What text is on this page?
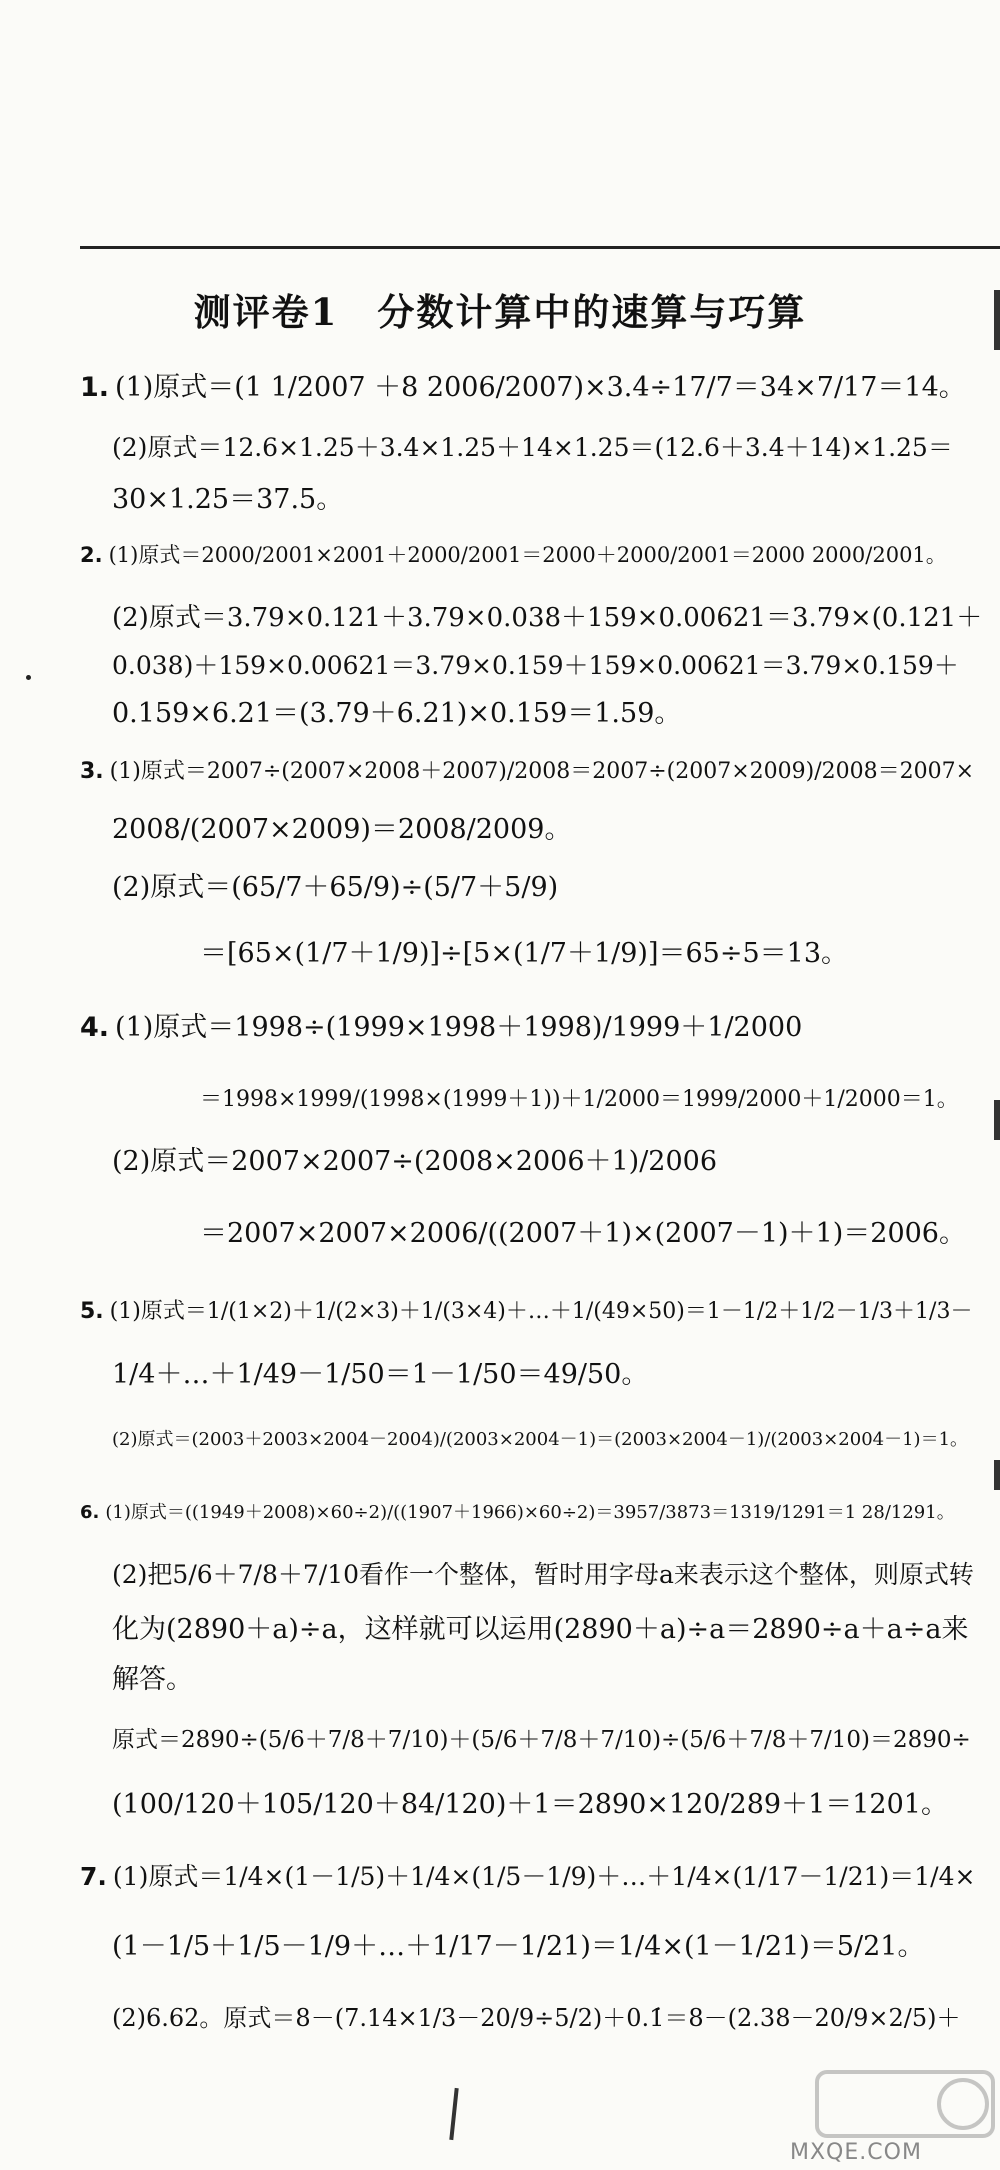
测评卷1　分数计算中的速算与巧算
1. (1)原式＝(1 1/2007 ＋8 2006/2007)×3.4÷17/7＝34×7/17＝14。
(2)原式＝12.6×1.25＋3.4×1.25＋14×1.25＝(12.6＋3.4＋14)×1.25＝
30×1.25＝37.5。
2. (1)原式＝2000/2001×2001＋2000/2001＝2000＋2000/2001＝2000 2000/2001。
(2)原式＝3.79×0.121＋3.79×0.038＋159×0.00621＝3.79×(0.121＋
0.038)＋159×0.00621＝3.79×0.159＋159×0.00621＝3.79×0.159＋
0.159×6.21＝(3.79＋6.21)×0.159＝1.59。
3. (1)原式＝2007÷(2007×2008＋2007)/2008＝2007÷(2007×2009)/2008＝2007×
2008/(2007×2009)＝2008/2009。
(2)原式＝(65/7＋65/9)÷(5/7＋5/9)
＝[65×(1/7＋1/9)]÷[5×(1/7＋1/9)]＝65÷5＝13。
4. (1)原式＝1998÷(1999×1998＋1998)/1999＋1/2000
＝1998×1999/(1998×(1999＋1))＋1/2000＝1999/2000＋1/2000＝1。
(2)原式＝2007×2007÷(2008×2006＋1)/2006
＝2007×2007×2006/((2007＋1)×(2007－1)＋1)＝2006。
5. (1)原式＝1/(1×2)＋1/(2×3)＋1/(3×4)＋…＋1/(49×50)＝1－1/2＋1/2－1/3＋1/3－
1/4＋…＋1/49－1/50＝1－1/50＝49/50。
(2)原式＝(2003＋2003×2004－2004)/(2003×2004－1)＝(2003×2004－1)/(2003×2004－1)＝1。
6. (1)原式＝((1949＋2008)×60÷2)/((1907＋1966)×60÷2)＝3957/3873＝1319/1291＝1 28/1291。
(2)把5/6＋7/8＋7/10看作一个整体，暂时用字母a来表示这个整体，则原式转
化为(2890＋a)÷a，这样就可以运用(2890＋a)÷a＝2890÷a＋a÷a来
解答。
原式＝2890÷(5/6＋7/8＋7/10)＋(5/6＋7/8＋7/10)÷(5/6＋7/8＋7/10)＝2890÷
(100/120＋105/120＋84/120)＋1＝2890×120/289＋1＝1201。
7. (1)原式＝1/4×(1－1/5)＋1/4×(1/5－1/9)＋…＋1/4×(1/17－1/21)＝1/4×
(1－1/5＋1/5－1/9＋…＋1/17－1/21)＝1/4×(1－1/21)＝5/21。
(2)6.62。原式＝8－(7.14×1/3－20/9÷5/2)＋0.1̇＝8－(2.38－20/9×2/5)＋
MXQE.COM
